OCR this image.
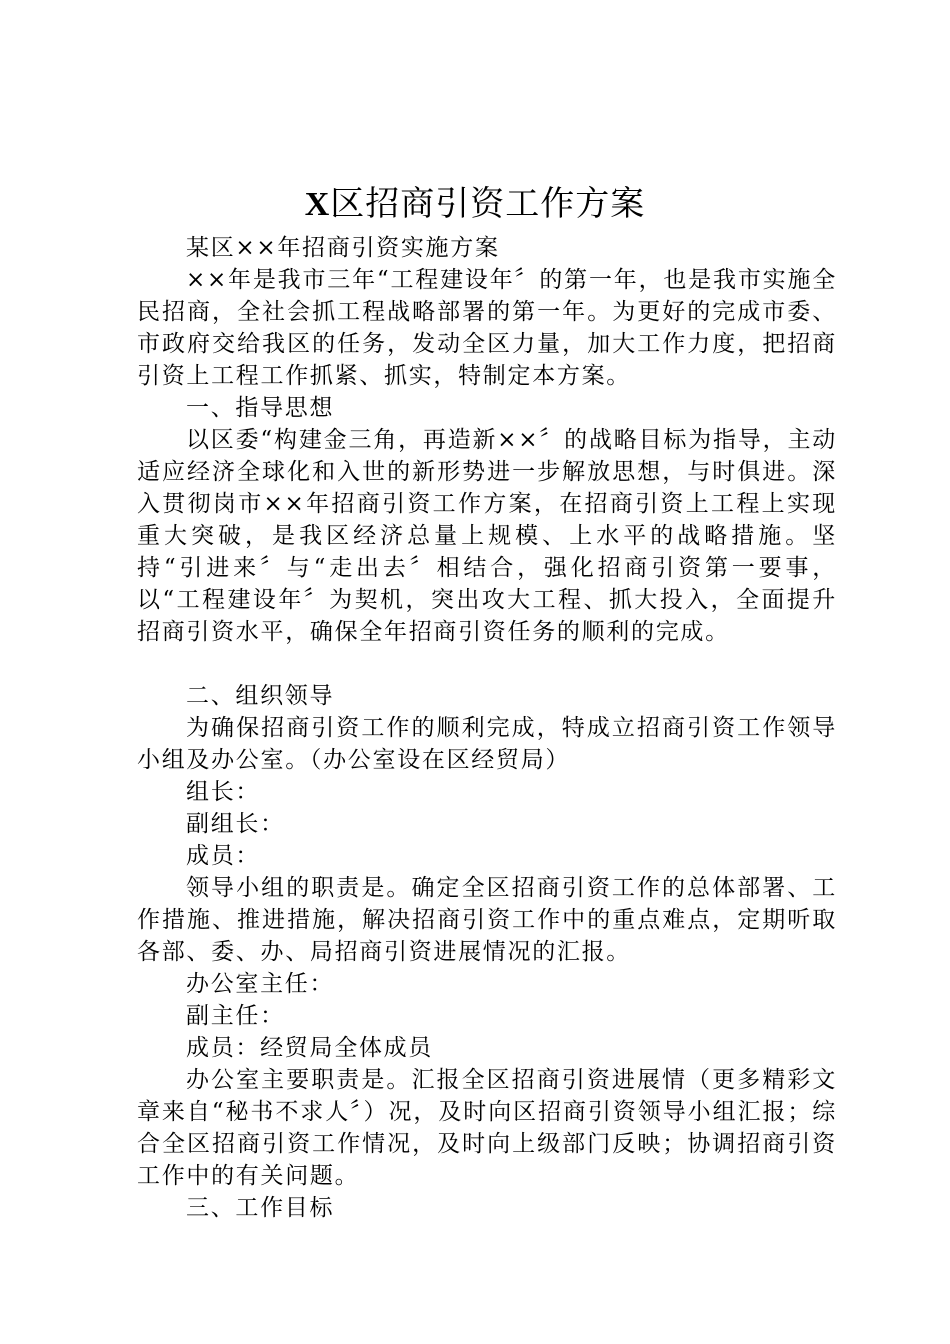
X区招商引资工作方案

某区××年招商引资实施方案

××年是我市三年“工程建设年〞的第一年，也是我市实施全民招商，全社会抓工程战略部署的第一年。为更好的完成市委、市政府交给我区的任务，发动全区力量，加大工作力度，把招商引资上工程工作抓紧、抓实，特制定本方案。

一、指导思想

以区委“构建金三角，再造新××〞的战略目标为指导，主动适应经济全球化和入世的新形势进一步解放思想，与时俱进。深入贯彻岗市××年招商引资工作方案，在招商引资上工程上实现重大突破，是我区经济总量上规模、上水平的战略措施。坚持“引进来〞与“走出去〞相结合，强化招商引资第一要事，以“工程建设年〞为契机，突出攻大工程、抓大投入，全面提升招商引资水平，确保全年招商引资任务的顺利的完成。

二、组织领导

为确保招商引资工作的顺利完成，特成立招商引资工作领导小组及办公室。（办公室设在区经贸局）

组长：

副组长：

成员：

领导小组的职责是。确定全区招商引资工作的总体部署、工作措施、推进措施，解决招商引资工作中的重点难点，定期听取各部、委、办、局招商引资进展情况的汇报。

办公室主任：

副主任：

成员：经贸局全体成员

办公室主要职责是。汇报全区招商引资进展情（更多精彩文章来自“秘书不求人〞）况，及时向区招商引资领导小组汇报；综合全区招商引资工作情况，及时向上级部门反映；协调招商引资工作中的有关问题。

三、工作目标
